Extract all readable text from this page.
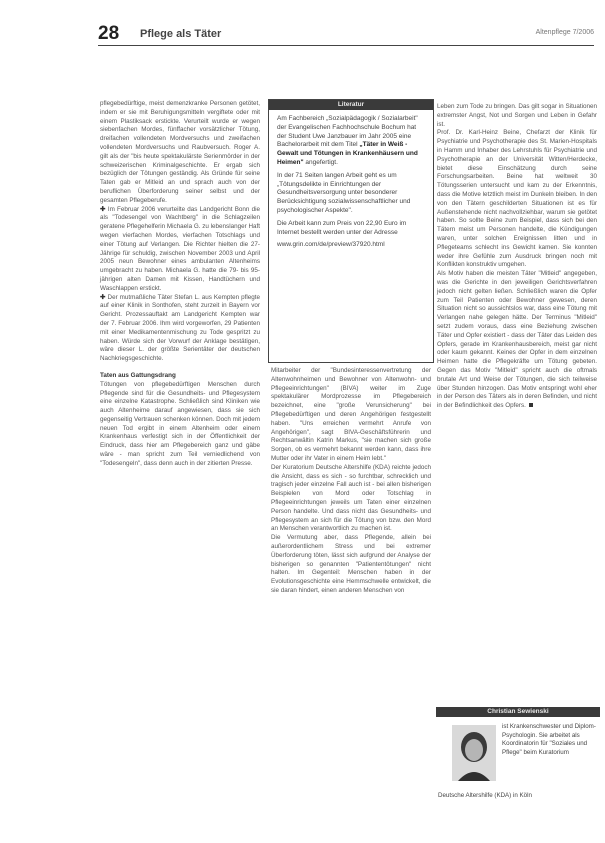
28 Pflege als Täter	Altenpflege 7/2006

pflegebedürftige, meist demenzkranke Personen getötet, indem er sie mit Beruhigungsmitteln vergiftete oder mit einem Plastiksack erstickte. Verurteilt wurde er wegen siebenfachen Mordes, fünffacher vorsätzlicher Tötung, dreifachen vollendeten Mordversuchs und zweifachen vollendeten Mordversuchs und Raubversuch. Roger A. gilt als der "bis heute spektakulärste Serienmörder in der schweizerischen Kriminalgeschichte. Er ergab sich bezüglich der Tötungen geständig. Als Gründe für seine Taten gab er Mitleid an und sprach auch von der beruflichen Überforderung seiner selbst und der gesamten Pflegeberufe.

✚ Im Februar 2006 verurteilte das Landgericht Bonn die als "Todesengel von Wachtberg" in die Schlagzeilen geratene Pflegehelferin Michaela G. zu lebenslanger Haft wegen vierfachen Mordes, vierfachen Totschlags und einer Tötung auf Verlangen. Die Richter hielten die 27-Jährige für schuldig, zwischen November 2003 und April 2005 neun Bewohner eines ambulanten Altenheims umgebracht zu haben. Michaela G. hatte die 79- bis 95-jährigen alten Damen mit Kissen, Handtüchern und Waschlappen erstickt.

✚ Der mutmaßliche Täter Stefan L. aus Kempten pflegte auf einer Klinik in Sonthofen, steht zurzeit in Bayern vor Gericht. Prozessauftakt am Landgericht Kempten war der 7. Februar 2006. Ihm wird vorgeworfen, 29 Patienten mit einer Medikamentenmischung zu Tode gespritzt zu haben. Würde sich der Vorwurf der Anklage bestätigen, wäre dieser L. der größte Serientäter der deutschen Nachkriegsgeschichte.

Taten aus Gattungsdrang

Tötungen von pflegebedürftigen Menschen durch Pflegende sind für die Gesundheits- und Pflegesystem eine einzelne Katastrophe. Schließlich sind Kliniken wie auch Altenheime darauf angewiesen, dass sie sich gegenseitig Vertrauen schenken können. Doch mit jedem neuen Tod ergibt in einem Altenheim oder einem Krankenhaus verfestigt sich in der Öffentlichkeit der Eindruck, dass hier am Pflegebereich ganz und gäbe wäre - man spricht zum Teil verniedlichend von "Todesengeln", dass denn auch in der zitierten Presse.

Literatur

Am Fachbereich „Sozialpädagogik / Sozialarbeit" der Evangelischen Fachhochschule Bochum hat der Student Uwe Janzbauer im Jahr 2005 eine Bachelorarbeit mit dem Titel „Täter in Weiß - Gewalt und Tötungen in Krankenhäusern und Heimen" angefertigt.

In der 71 Seiten langen Arbeit geht es um „Tötungsdelikte in Einrichtungen der Gesundheitsversorgung unter besonderer Berücksichtigung sozialwissenschaftlicher und psychologischer Aspekte".

Die Arbeit kann zum Preis von 22,90 Euro im Internet bestellt werden unter der Adresse

www.grin.com/de/preview/37920.html

Mitarbeiter der "Bundesinteressenvertretung der Altenwohnheimen und Bewohner von Altenwohn- und Pflegeeinrichtungen" (BIVA) weiter im Zuge spektakulärer Mordprozesse im Pflegebereich bezeichnet, eine "große Verunsicherung" bei Pflegebedürftigen und deren Angehörigen festgestellt haben. "Uns erreichen vermehrt Anrufe von Angehörigen", sagt BIVA-Geschäftsführerin und Rechtsanwältin Katrin Markus, "sie machen sich große Sorgen, ob es vermehrt bekannt werden kann, dass ihre Mutter oder ihr Vater in einem Heim lebt."

Der Kuratorium Deutsche Altershilfe (KDA) reichte jedoch die Ansicht, dass es sich - so furchtbar, schrecklich und tragisch jeder einzelne Fall auch ist - bei allen bisherigen Beispielen von Mord oder Totschlag in Pflegeeinrichtungen jeweils um Taten einer einzelnen Person handelte. Und dass nicht das Gesundheits- und Pflegesystem an sich für die Tötung von bzw. den Mord an Menschen verantwortlich zu machen ist.

Die Vermutung aber, dass Pflegende, allein bei außerordentlichem Stress und bei extremer Überforderung töten, lässt sich aufgrund der Analyse der bisherigen so genannten "Patiententötungen" nicht halten. Im Gegenteil: Menschen haben in der Evolutionsgeschichte eine Hemmschwelle entwickelt, die sie daran hindert, einen anderen Menschen von

Leben zum Tode zu bringen. Das gilt sogar in Situationen extremster Angst, Not und Sorgen und Leben in Gefahr ist.

Prof. Dr. Karl-Heinz Beine, Chefarzt der Klinik für Psychiatrie und Psychotherapie des St. Marien-Hospitals in Hamm und Inhaber des Lehrstuhls für Psychiatrie und Psychotherapie an der Universität Witten/Herdecke, bietet diese Einschätzung durch seine Forschungsarbeiten. Beine hat weltweit 30 Tötungsserien untersucht und kam zu der Erkenntnis, dass die Motive letztlich meist im Dunkeln bleiben. In den von den Tätern geschilderten Situationen ist es für Außenstehende nicht nachvollziehbar, warum sie getötet haben. So sollte Beine zum Beispiel, dass sich bei den Tätern meist um Personen handelte, die Kündigungen waren, unter solchen Ereignissen litten und in Pflegeteams schlecht ins Gewicht kamen. Sie konnten weder ihre Gefühle zum Ausdruck bringen noch mit Konflikten konstruktiv umgehen.

Als Motiv haben die meisten Täter "Mitleid" angegeben, was die Gerichte in den jeweiligen Gerichtsverfahren jedoch nicht gelten ließen. Schließlich waren die Opfer zum Teil Patienten oder Bewohner gewesen, deren Situation nicht so aussichtslos war, dass eine Tötung mit Verlangen nahe gelegen hätte. Der Terminus "Mitleid" setzt zudem voraus, dass eine Beziehung zwischen Täter und Opfer existiert - dass der Täter das Leiden des Opfers, gerade im Krankenhausbereich, meist gar nicht oder kaum gekannt. Keines der Opfer in dem einzelnen Heimen hatte die Pflegekräfte um Tötung gebeten. Gegen das Motiv "Mitleid" spricht auch die oftmals brutale Art und Weise der Tötungen, die sich teilweise über Stunden hinzogen. Das Motiv entspringt wohl eher in der Person des Täters als in deren Befinden, und nicht in der Befindlichkeit des Opfers.

Christian Sewienski
ist Krankenschwester und Diplom-Psychologin. Sie arbeitet als Koordinatorin für "Soziales und Pflege" beim Kuratorium
Deutsche Altershilfe (KDA) in Köln
